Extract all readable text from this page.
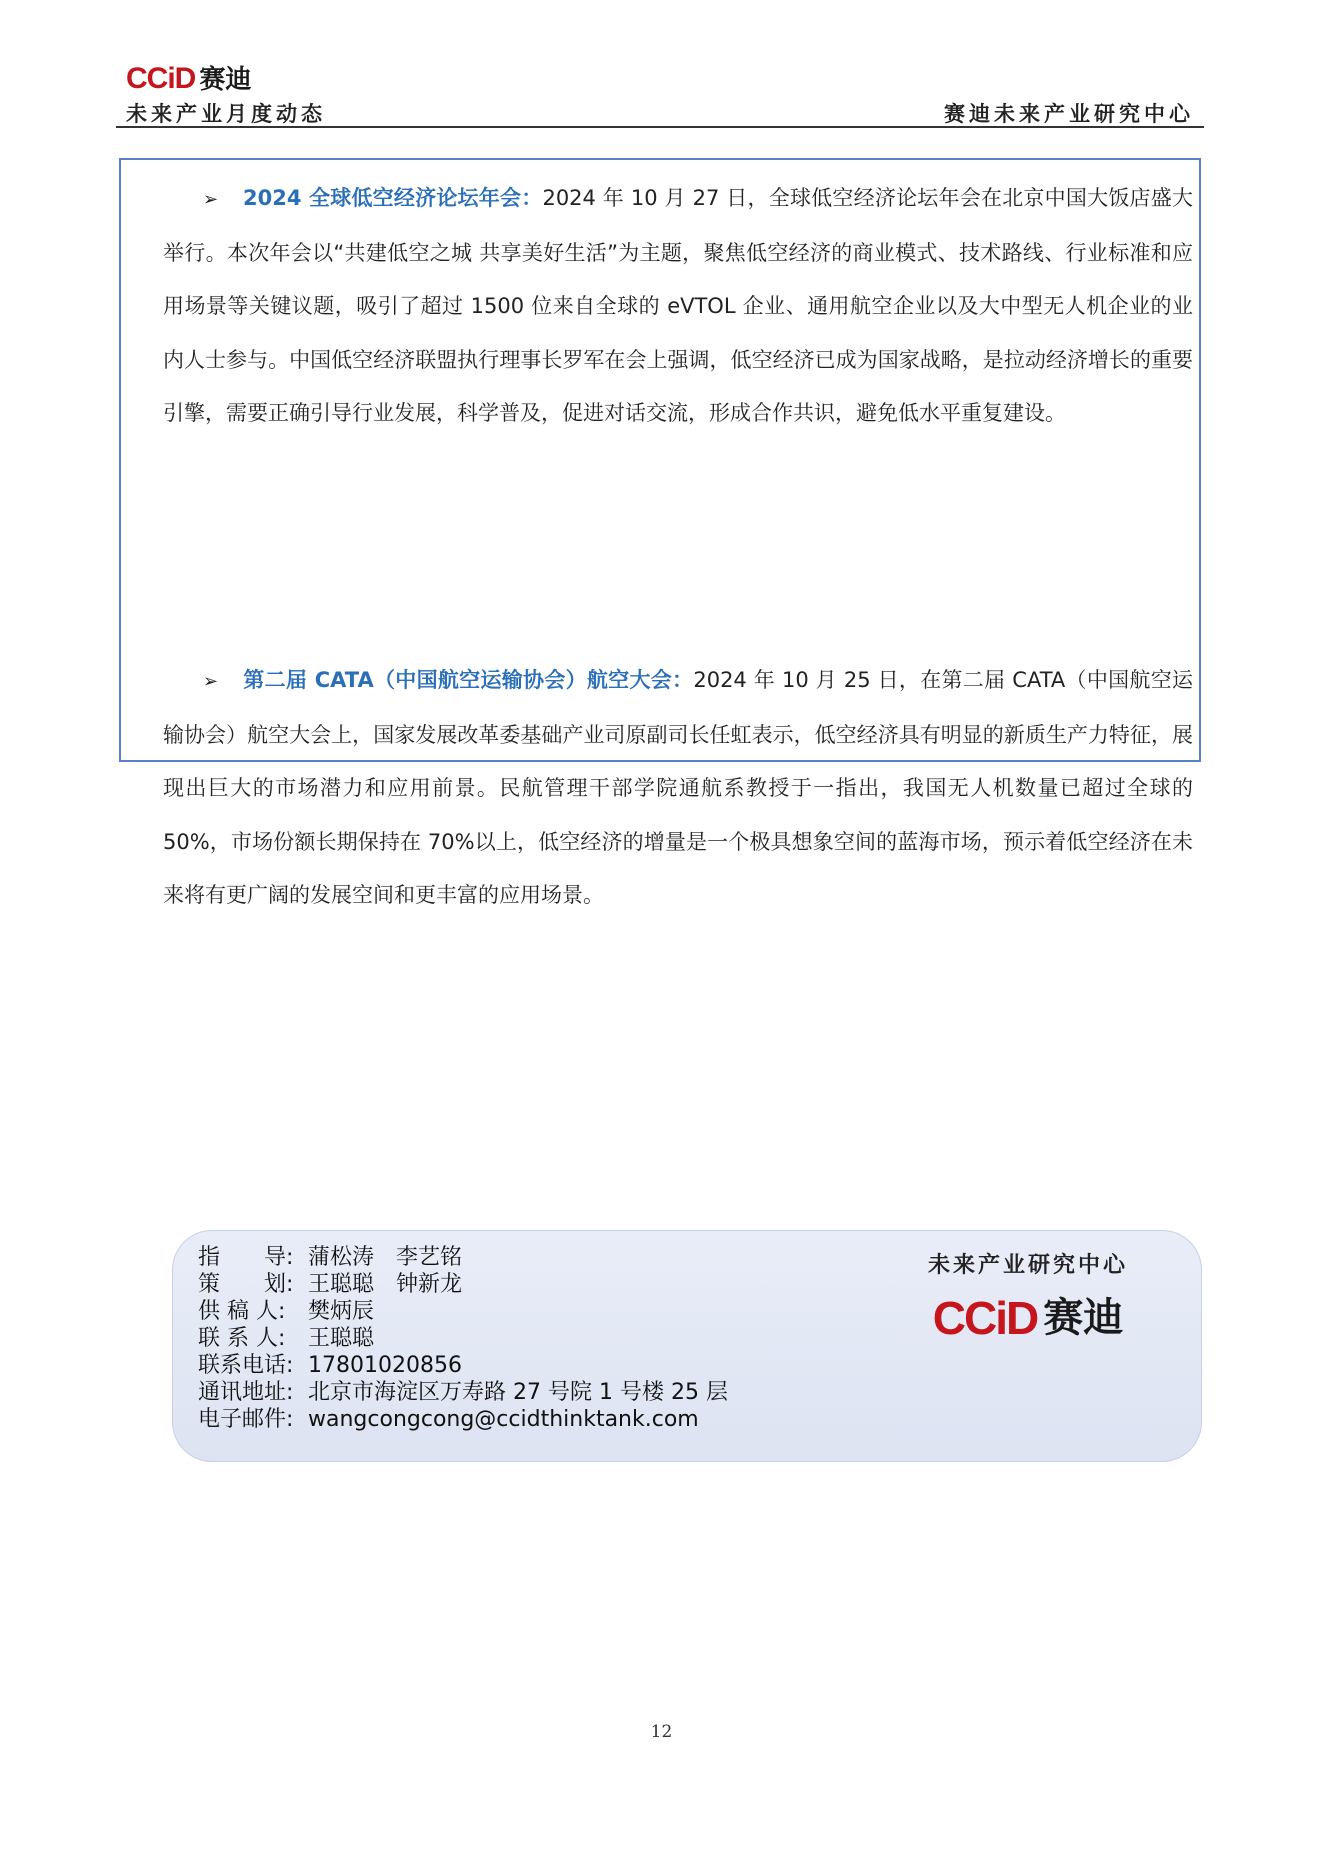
CCiD 赛迪
未来产业月度动态	赛迪未来产业研究中心
➢ 2024 全球低空经济论坛年会：2024 年 10 月 27 日，全球低空经济论坛年会在北京中国大饭店盛大举行。本次年会以“共建低空之城 共享美好生活”为主题，聚焦低空经济的商业模式、技术路线、行业标准和应用场景等关键议题，吸引了超过 1500 位来自全球的 eVTOL 企业、通用航空企业以及大中型无人机企业的业内人士参与。中国低空经济联盟执行理事长罗军在会上强调，低空经济已成为国家战略，是拉动经济增长的重要引擎，需要正确引导行业发展，科学普及，促进对话交流，形成合作共识，避免低水平重复建设。
➢ 第二届 CATA（中国航空运输协会）航空大会：2024 年 10 月 25 日，在第二届 CATA（中国航空运输协会）航空大会上，国家发展改革委基础产业司原副司长任虹表示，低空经济具有明显的新质生产力特征，展现出巨大的市场潜力和应用前景。民航管理干部学院通航系教授于一指出，我国无人机数量已超过全球的 50%，市场份额长期保持在 70%以上，低空经济的增量是一个极具想象空间的蓝海市场，预示着低空经济在未来将有更广阔的发展空间和更丰富的应用场景。
指　　导: 蒲松涛　李艺铭
策　　划: 王聪聪　钟新龙
供 稿 人:	樊炳辰
联 系 人:	王聪聪
联系电话: 17801020856
通讯地址: 北京市海淀区万寿路 27 号院 1 号楼 25 层
电子邮件: wangcongcong@ccidthinktank.com
未来产业研究中心
CCiD 赛迪
12
